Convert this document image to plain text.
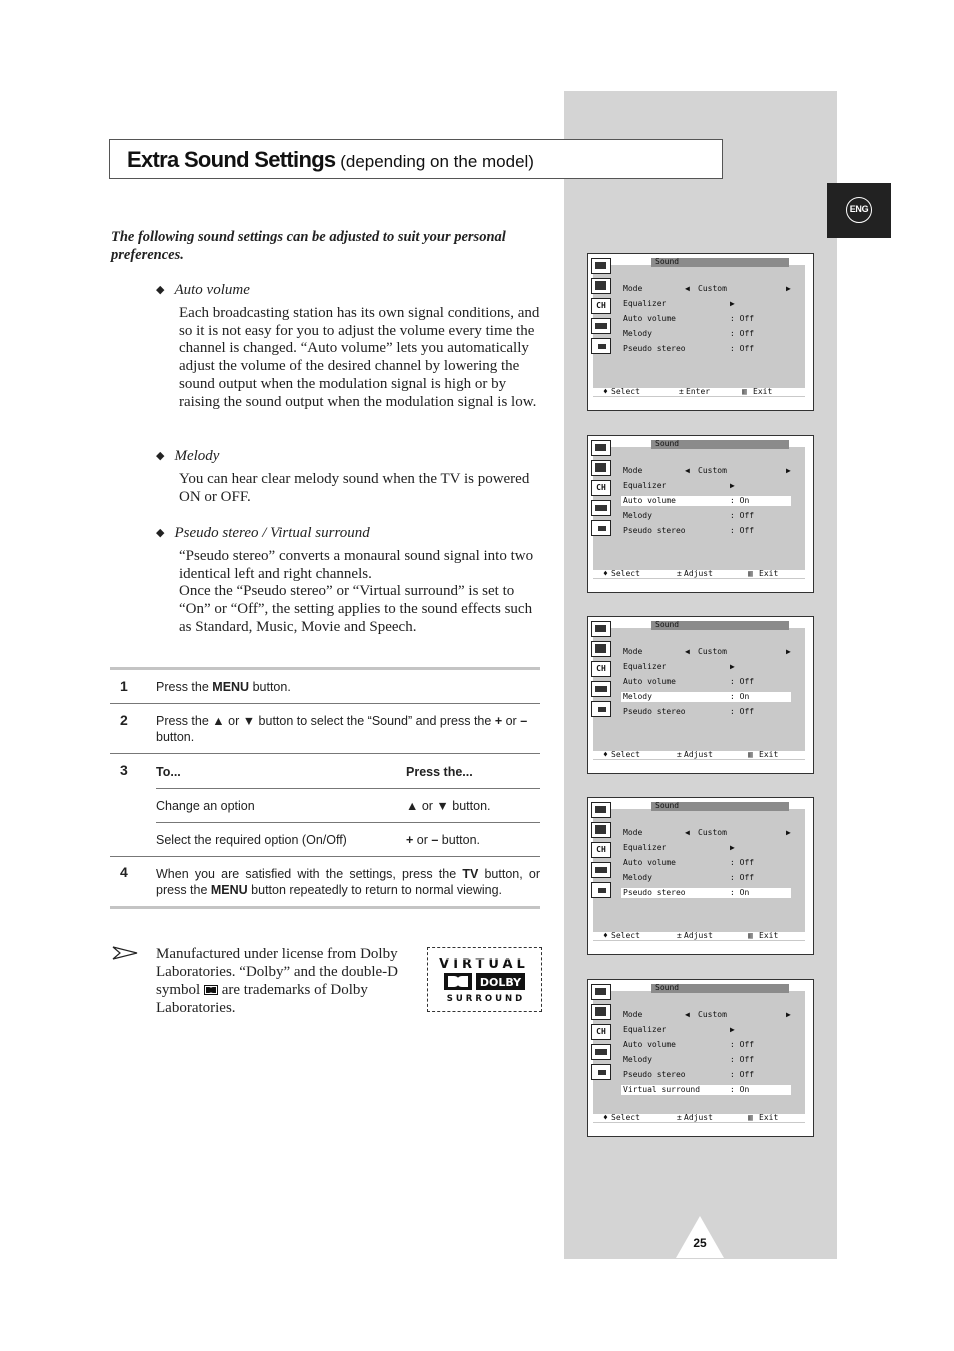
ENG
Extra Sound Settings (depending on the model)
The following sound settings can be adjusted to suit your personal preferences.
◆ Auto volume
Each broadcasting station has its own signal conditions, and so it is not easy for you to adjust the volume every time the channel is changed. “Auto volume” lets you automatically adjust the volume of the desired channel by lowering the sound output when the modulation signal is high or by raising the sound output when the modulation signal is low.
◆ Melody
You can hear clear melody sound when the TV is powered ON or OFF.
◆ Pseudo stereo / Virtual surround
“Pseudo stereo” converts a monaural sound signal into two identical left and right channels.
Once the “Pseudo stereo” or “Virtual surround” is set to “On” or “Off”, the setting applies to the sound effects such as Standard, Music, Movie and Speech.
1 Press the MENU button.
2 Press the ▲ or ▼ button to select the “Sound” and press the + or – button.
3 To...	Press the...
Change an option	▲ or ▼ button.
Select the required option (On/Off)	+ or – button.
4 When you are satisfied with the settings, press the TV button, or press the MENU button repeatedly to return to normal viewing.
Manufactured under license from Dolby Laboratories. “Dolby” and the double-D symbol  are trademarks of Dolby Laboratories.
VIRTUAL
DOLBY
SURROUND
CH
Sound
Mode	◀ Custom	▶
Equalizer	▶
Auto volume	: Off
Melody	: Off
Pseudo stereo	: Off
♦ Select	± Enter	▥ Exit
CH
Sound
Mode	◀ Custom	▶
Equalizer	▶
Auto volume	: On
Melody	: Off
Pseudo stereo	: Off
♦ Select	± Adjust	▥ Exit
CH
Sound
Mode	◀ Custom	▶
Equalizer	▶
Auto volume	: Off
Melody	: On
Pseudo stereo	: Off
♦ Select	± Adjust	▥ Exit
CH
Sound
Mode	◀ Custom	▶
Equalizer	▶
Auto volume	: Off
Melody	: Off
Pseudo stereo	: On
♦ Select	± Adjust	▥ Exit
CH
Sound
Mode	◀ Custom	▶
Equalizer	▶
Auto volume	: Off
Melody	: Off
Pseudo stereo	: Off
Virtual surround	: On
♦ Select	± Adjust	▥ Exit
25
